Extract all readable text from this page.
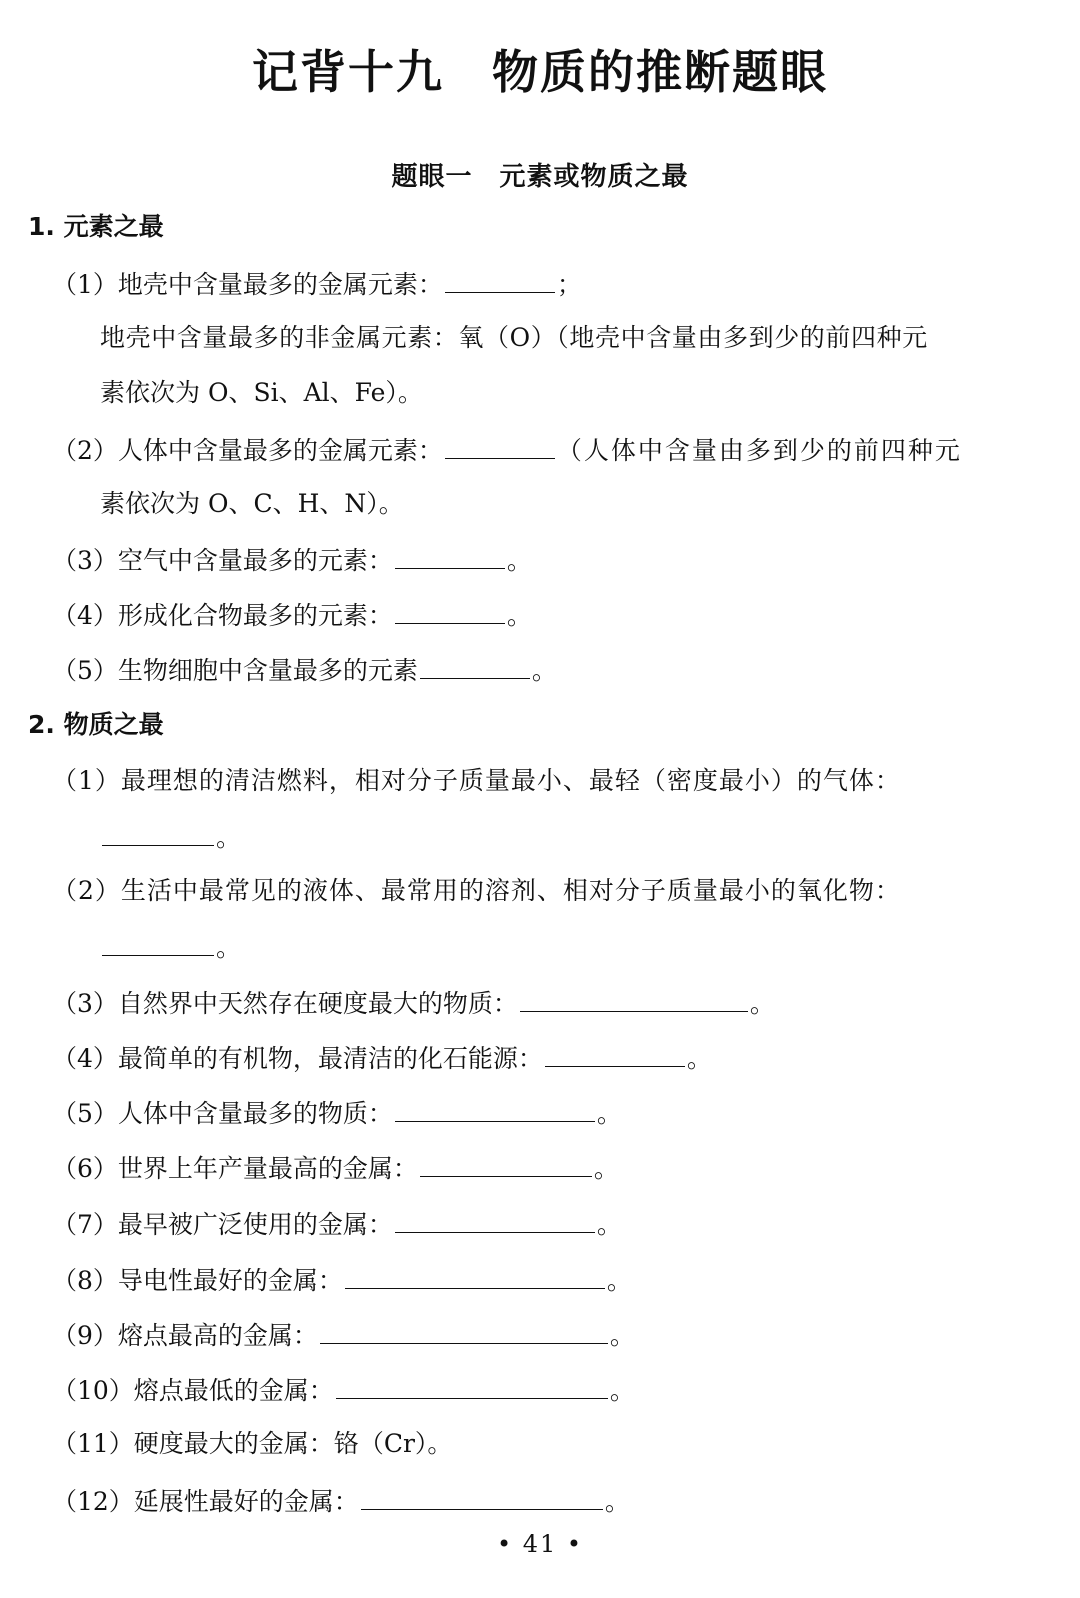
记背十九　物质的推断题眼
题眼一　元素或物质之最
1. 元素之最
（1）地壳中含量最多的金属元素：	；
地壳中含量最多的非金属元素：氧（O）（地壳中含量由多到少的前四种元
素依次为 O、Si、Al、Fe）。
（2）人体中含量最多的金属元素：	（人体中含量由多到少的前四种元
素依次为 O、C、H、N）。
（3）空气中含量最多的元素：	。
（4）形成化合物最多的元素：	。
（5）生物细胞中含量最多的元素	。
2. 物质之最
（1）最理想的清洁燃料，相对分子质量最小、最轻（密度最小）的气体：
。
（2）生活中最常见的液体、最常用的溶剂、相对分子质量最小的氧化物：
。
（3）自然界中天然存在硬度最大的物质：	。
（4）最简单的有机物，最清洁的化石能源：	。
（5）人体中含量最多的物质：	。
（6）世界上年产量最高的金属：	。
（7）最早被广泛使用的金属：	。
（8）导电性最好的金属：	。
（9）熔点最高的金属：	。
（10）熔点最低的金属：	。
（11）硬度最大的金属：铬（Cr）。
（12）延展性最好的金属：	。
• 41 •
